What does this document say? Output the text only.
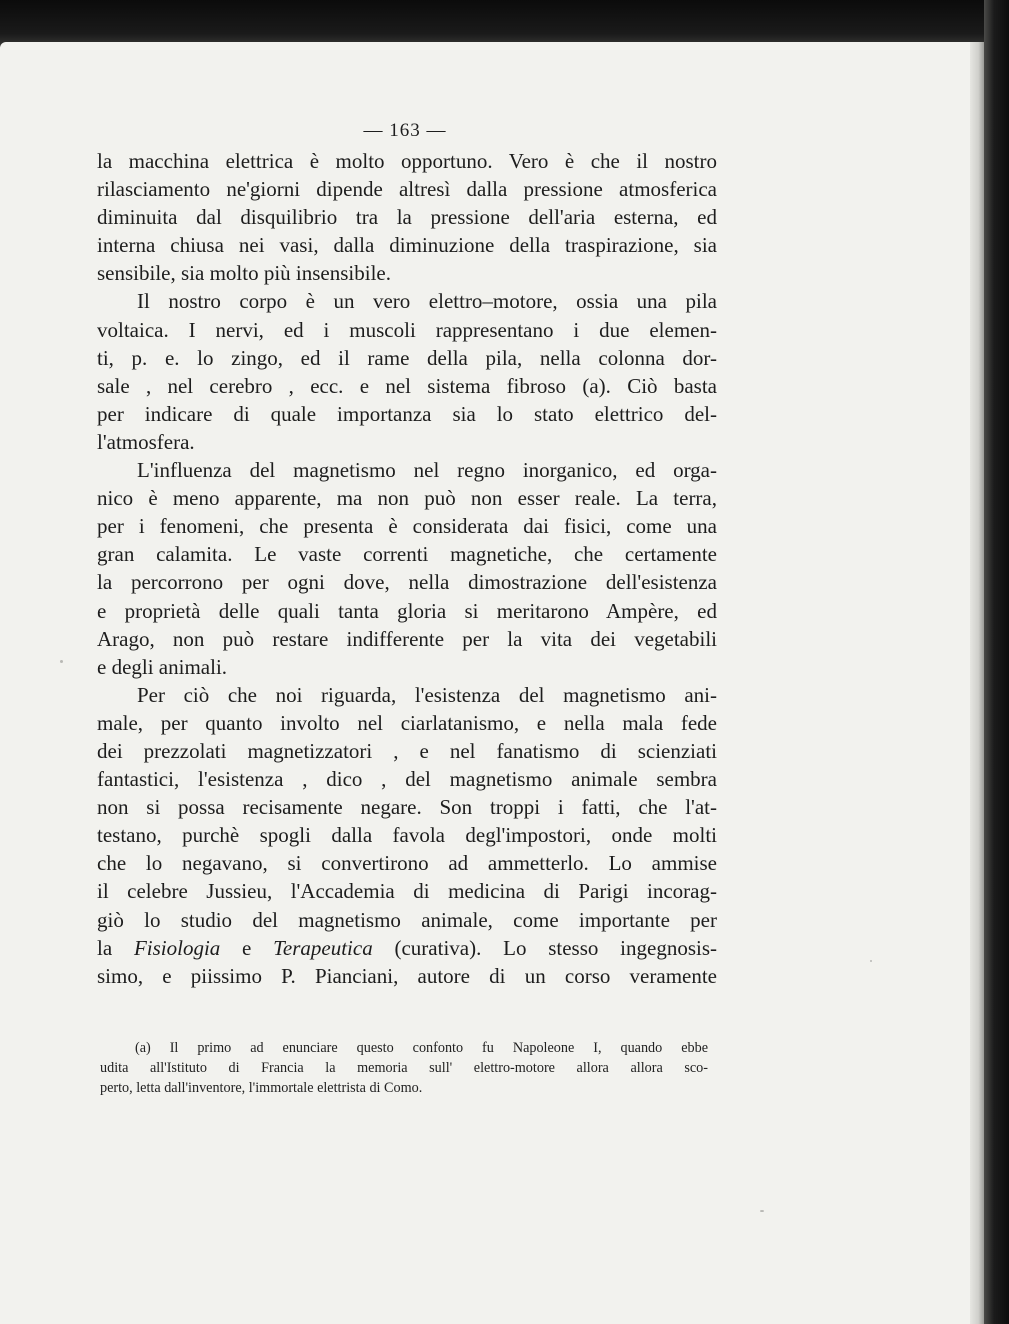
— 163 —
la macchina elettrica è molto opportuno. Vero è che il nostro
rilasciamento ne'giorni dipende altresì dalla pressione atmosferica
diminuita dal disquilibrio tra la pressione dell'aria esterna, ed
interna chiusa nei vasi, dalla diminuzione della traspirazione, sia
sensibile, sia molto più insensibile.
Il nostro corpo è un vero elettro–motore, ossia una pila
voltaica. I nervi, ed i muscoli rappresentano i due elemen-
ti, p. e. lo zingo, ed il rame della pila, nella colonna dor-
sale , nel cerebro , ecc. e nel sistema fibroso (a). Ciò basta
per indicare di quale importanza sia lo stato elettrico del-
l'atmosfera.
L'influenza del magnetismo nel regno inorganico, ed orga-
nico è meno apparente, ma non può non esser reale. La terra,
per i fenomeni, che presenta è considerata dai fisici, come una
gran calamita. Le vaste correnti magnetiche, che certamente
la percorrono per ogni dove, nella dimostrazione dell'esistenza
e proprietà delle quali tanta gloria si meritarono Ampère, ed
Arago, non può restare indifferente per la vita dei vegetabili
e degli animali.
Per ciò che noi riguarda, l'esistenza del magnetismo ani-
male, per quanto involto nel ciarlatanismo, e nella mala fede
dei prezzolati magnetizzatori , e nel fanatismo di scienziati
fantastici, l'esistenza , dico , del magnetismo animale sembra
non si possa recisamente negare. Son troppi i fatti, che l'at-
testano, purchè spogli dalla favola degl'impostori, onde molti
che lo negavano, si convertirono ad ammetterlo. Lo ammise
il celebre Jussieu, l'Accademia di medicina di Parigi incorag-
giò lo studio del magnetismo animale, come importante per
la Fisiologia e Terapeutica (curativa). Lo stesso ingegnosis-
simo, e piissimo P. Pianciani, autore di un corso veramente
(a) Il primo ad enunciare questo confonto fu Napoleone I, quando ebbe
udita all'Istituto di Francia la memoria sull' elettro-motore allora allora sco-
perto, letta dall'inventore, l'immortale elettrista di Como.
